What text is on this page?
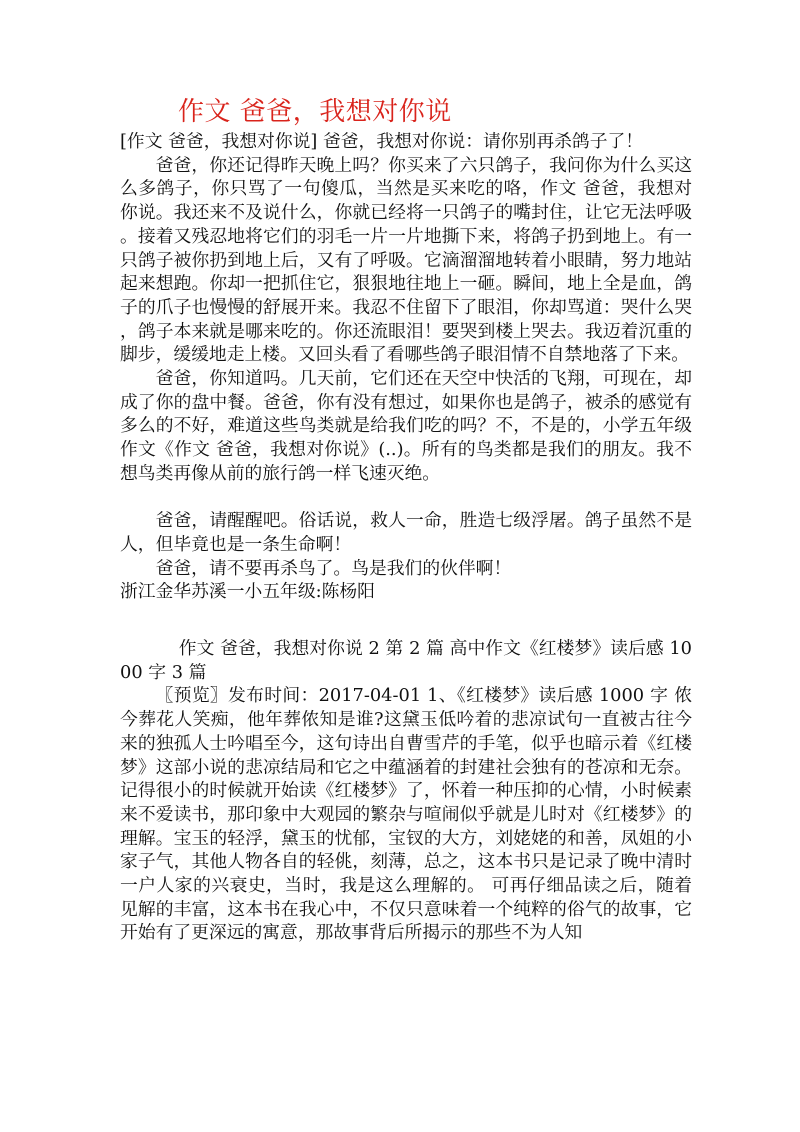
作文 爸爸，我想对你说

[作文 爸爸，我想对你说] 爸爸，我想对你说：请你别再杀鸽子了！

爸爸，你还记得昨天晚上吗？你买来了六只鸽子，我问你为什么买这么多鸽子，你只骂了一句傻瓜，当然是买来吃的咯，作文 爸爸，我想对你说。我还来不及说什么，你就已经将一只鸽子的嘴封住，让它无法呼吸。接着又残忍地将它们的羽毛一片一片地撕下来，将鸽子扔到地上。有一只鸽子被你扔到地上后，又有了呼吸。它滴溜溜地转着小眼睛，努力地站起来想跑。你却一把抓住它，狠狠地往地上一砸。瞬间，地上全是血，鸽子的爪子也慢慢的舒展开来。我忍不住留下了眼泪，你却骂道：哭什么哭，鸽子本来就是哪来吃的。你还流眼泪！要哭到楼上哭去。我迈着沉重的脚步，缓缓地走上楼。又回头看了看哪些鸽子眼泪情不自禁地落了下来。

爸爸，你知道吗。几天前，它们还在天空中快活的飞翔，可现在，却成了你的盘中餐。爸爸，你有没有想过，如果你也是鸽子，被杀的感觉有多么的不好，难道这些鸟类就是给我们吃的吗？不，不是的，小学五年级作文《作文 爸爸，我想对你说》(..)。所有的鸟类都是我们的朋友。我不想鸟类再像从前的旅行鸽一样飞速灭绝。

爸爸，请醒醒吧。俗话说，救人一命，胜造七级浮屠。鸽子虽然不是人，但毕竟也是一条生命啊！

爸爸，请不要再杀鸟了。鸟是我们的伙伴啊！

浙江金华苏溪一小五年级:陈杨阳

作文 爸爸，我想对你说 2 第 2 篇 高中作文《红楼梦》读后感 1000 字 3 篇

〖预览〗发布时间：2017-04-01 1、《红楼梦》读后感 1000 字 侬今葬花人笑痴，他年葬侬知是谁?这黛玉低吟着的悲凉试句一直被古往今来的独孤人士吟唱至今，这句诗出自曹雪芹的手笔，似乎也暗示着《红楼梦》这部小说的悲凉结局和它之中蕴涵着的封建社会独有的苍凉和无奈。 记得很小的时候就开始读《红楼梦》了，怀着一种压抑的心情，小时候素来不爱读书，那印象中大观园的繁杂与喧闹似乎就是儿时对《红楼梦》的理解。宝玉的轻浮，黛玉的忧郁，宝钗的大方，刘姥姥的和善，凤姐的小家子气，其他人物各自的轻佻，刻薄，总之，这本书只是记录了晚中清时一户人家的兴衰史，当时，我是这么理解的。 可再仔细品读之后，随着见解的丰富，这本书在我心中，不仅只意味着一个纯粹的俗气的故事，它开始有了更深远的寓意，那故事背后所揭示的那些不为人知
